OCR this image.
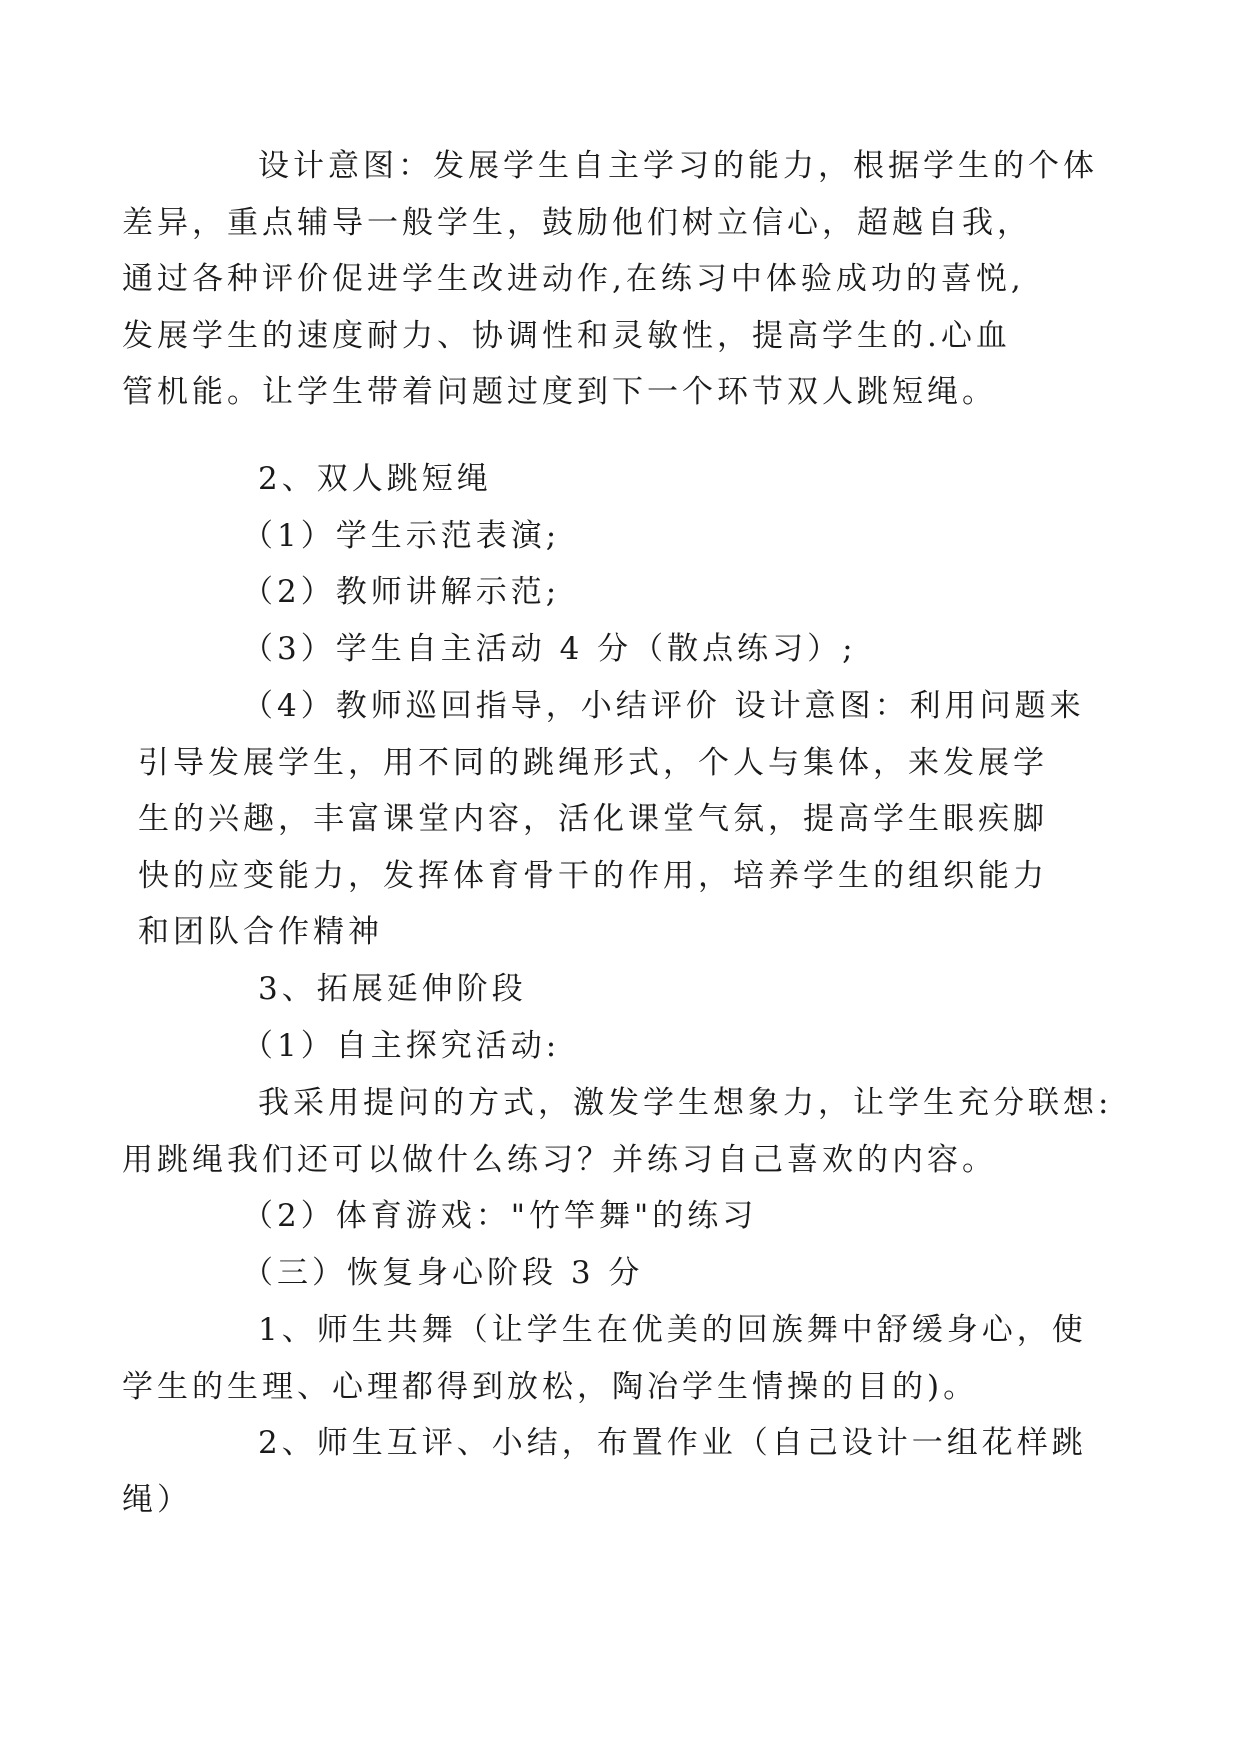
设计意图：发展学生自主学习的能力，根据学生的个体
差异，重点辅导一般学生，鼓励他们树立信心，超越自我，
通过各种评价促进学生改进动作,在练习中体验成功的喜悦,
发展学生的速度耐力、协调性和灵敏性，提高学生的.心血
管机能。让学生带着问题过度到下一个环节双人跳短绳。
2、双人跳短绳
（1）学生示范表演;
（2）教师讲解示范;
（3）学生自主活动 4 分（散点练习）;
（4）教师巡回指导，小结评价 设计意图：利用问题来
引导发展学生，用不同的跳绳形式，个人与集体，来发展学
生的兴趣，丰富课堂内容，活化课堂气氛，提高学生眼疾脚
快的应变能力，发挥体育骨干的作用，培养学生的组织能力
和团队合作精神
3、拓展延伸阶段
（1）自主探究活动:
我采用提问的方式，激发学生想象力，让学生充分联想:
用跳绳我们还可以做什么练习？并练习自己喜欢的内容。
（2）体育游戏："竹竿舞"的练习
（三）恢复身心阶段 3 分
1、师生共舞（让学生在优美的回族舞中舒缓身心，使
学生的生理、心理都得到放松，陶冶学生情操的目的)。
2、师生互评、小结，布置作业（自己设计一组花样跳
绳）
